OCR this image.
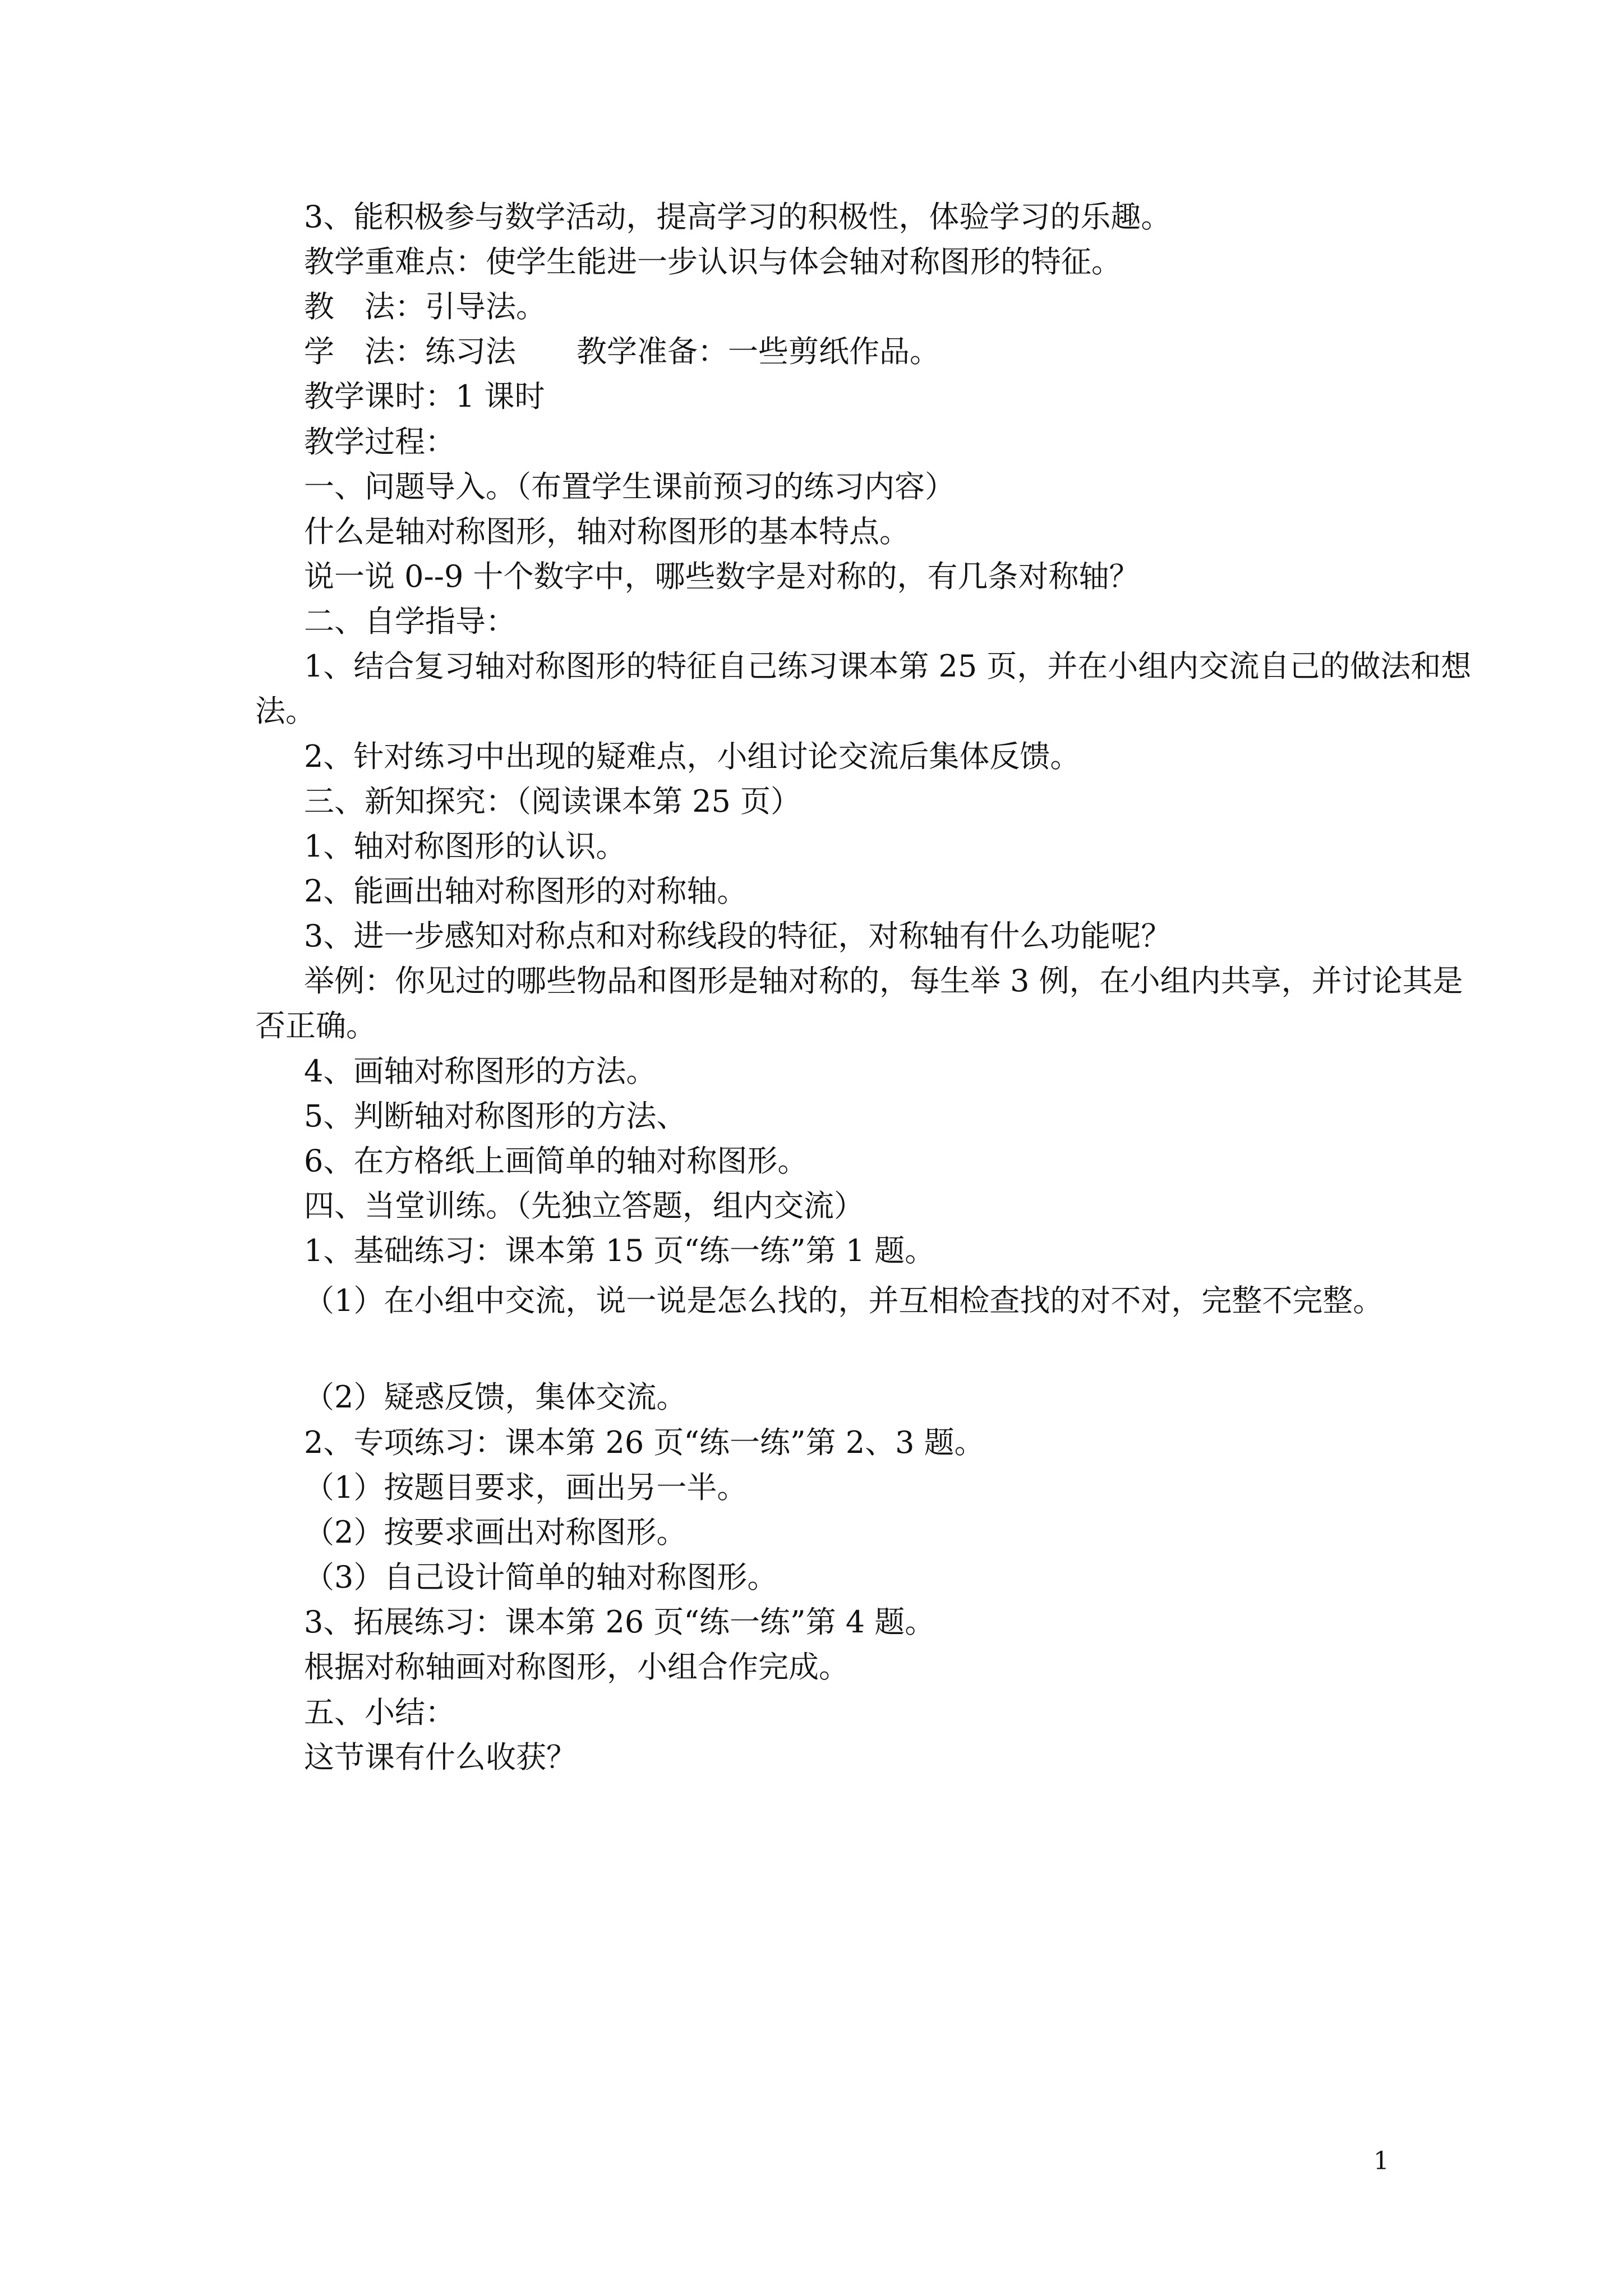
3、能积极参与数学活动，提高学习的积极性，体验学习的乐趣。
教学重难点：使学生能进一步认识与体会轴对称图形的特征。
教　法：引导法。
学　法：练习法　　教学准备：一些剪纸作品。
教学课时：1 课时
教学过程：
一、问题导入。（布置学生课前预习的练习内容）
什么是轴对称图形，轴对称图形的基本特点。
说一说 0--9 十个数字中，哪些数字是对称的，有几条对称轴？
二、自学指导：
1、结合复习轴对称图形的特征自己练习课本第 25 页，并在小组内交流自己的做法和想
法。
2、针对练习中出现的疑难点，小组讨论交流后集体反馈。
三、新知探究：（阅读课本第 25 页）
1、轴对称图形的认识。
2、能画出轴对称图形的对称轴。
3、进一步感知对称点和对称线段的特征，对称轴有什么功能呢？
举例：你见过的哪些物品和图形是轴对称的，每生举 3 例，在小组内共享，并讨论其是
否正确。
4、画轴对称图形的方法。
5、判断轴对称图形的方法、
6、在方格纸上画简单的轴对称图形。
四、当堂训练。（先独立答题，组内交流）
1、基础练习：课本第 15 页“练一练”第 1 题。
（1）在小组中交流，说一说是怎么找的，并互相检查找的对不对，完整不完整。
（2）疑惑反馈，集体交流。
2、专项练习：课本第 26 页“练一练”第 2、3 题。
（1）按题目要求，画出另一半。
（2）按要求画出对称图形。
（3）自己设计简单的轴对称图形。
3、拓展练习：课本第 26 页“练一练”第 4 题。
根据对称轴画对称图形，小组合作完成。
五、小结：
这节课有什么收获？
1
